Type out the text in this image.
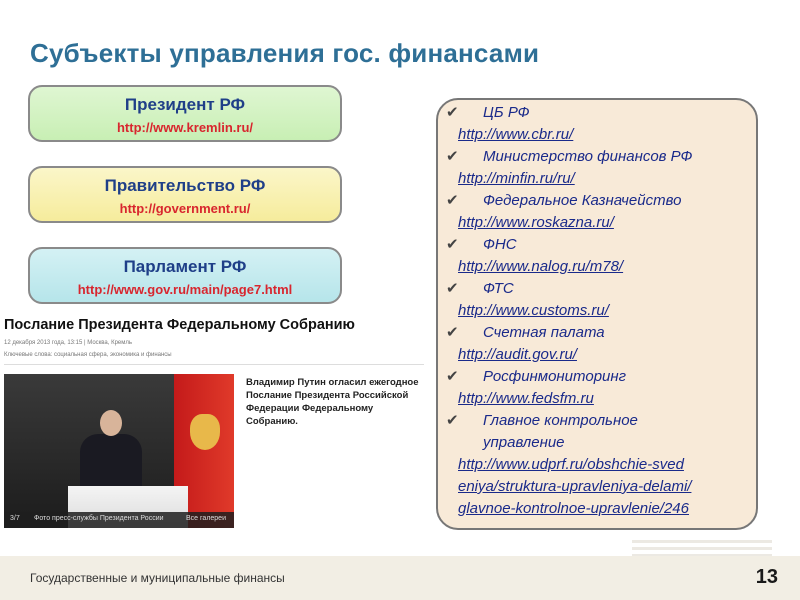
Субъекты управления гос. финансами
Президент РФ
http://www.kremlin.ru/
Правительство РФ
http://government.ru/
Парламент РФ
http://www.gov.ru/main/page7.html
Послание Президента Федеральному Собранию
12 декабря 2013 года, 13:15 | Москва, Кремль
Ключевые слова: социальная сфера, экономика и финансы
3/7 Фото пресс-службы Президента России	Все галереи
Владимир Путин огласил ежегодное Послание Президента Российской Федерации Федеральному Собранию.
✔ ЦБ РФ
http://www.cbr.ru/
✔ Министерство финансов РФ
http://minfin.ru/ru/
✔ Федеральное Казначейство
http://www.roskazna.ru/
✔ ФНС
http://www.nalog.ru/m78/
✔ ФТС
http://www.customs.ru/
✔ Счетная палата
http://audit.gov.ru/
✔ Росфинмониторинг
http://www.fedsfm.ru
✔ Главное контрольное
управление
http://www.udprf.ru/obshchie-sved
eniya/struktura-upravleniya-delami/
glavnoe-kontrolnoe-upravlenie/246
Государственные и муниципальные финансы	13
